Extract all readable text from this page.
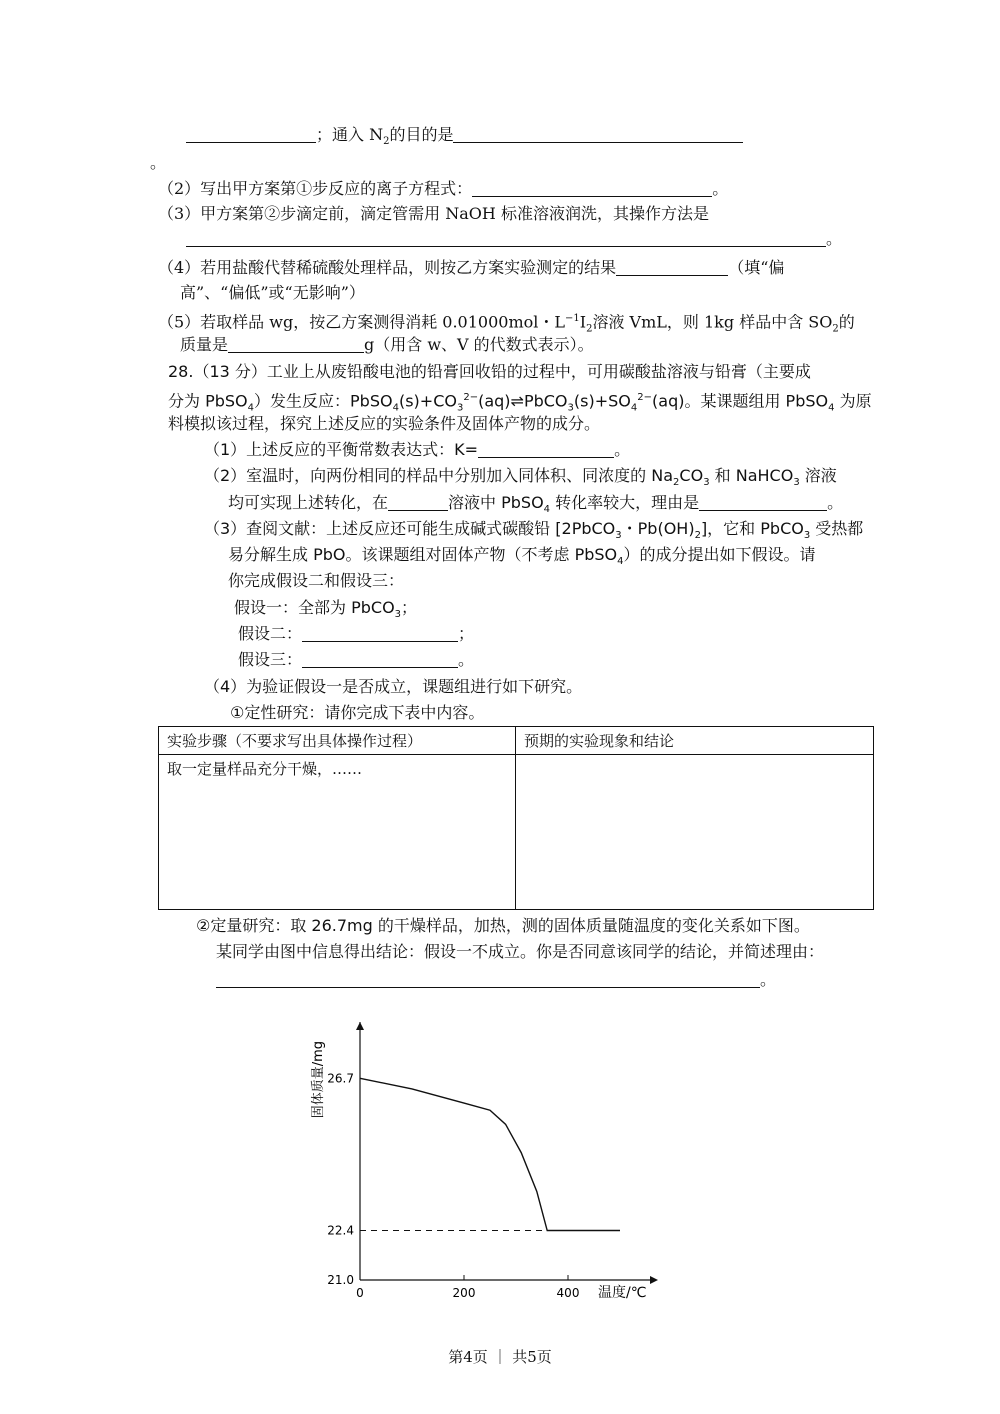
；通入 $N_2$的目的是
。
（2）写出甲方案第①步反应的离子方程式：	。
（3）甲方案第②步滴定前，滴定管需用 NaOH 标准溶液润洗，其操作方法是
。
（4）若用盐酸代替稀硫酸处理样品，则按乙方案实验测定的结果	（填“偏
高”、“偏低”或“无影响”）
（5）若取样品 wg，按乙方案测得消耗 0.01000mol・$L^{-1}I_2$溶液 VmL，则 1kg 样品中含 $SO_2$的
质量是	g（用含 w、V 的代数式表示）。
28.（13 分）工业上从废铅酸电池的铅膏回收铅的过程中，可用碳酸盐溶液与铅膏（主要成
分为 PbSO$_4$）发生反应：$PbSO_4(s)+CO_3^{2-}(aq)\rightleftharpoons PbCO_3(s)+SO_4^{2-}(aq)$。某课题组用 PbSO$_4$ 为原
料模拟该过程，探究上述反应的实验条件及固体产物的成分。
（1）上述反应的平衡常数表达式：K=	。
（2）室温时，向两份相同的样品中分别加入同体积、同浓度的 $Na_2CO_3$ 和 NaHCO$_3$ 溶液
均可实现上述转化，在	溶液中 PbSO$_4$ 转化率较大，理由是	。
（3）查阅文献：上述反应还可能生成碱式碳酸铅 [2PbCO$_3$・$Pb(OH)_2$]，它和 PbCO$_3$ 受热都
易分解生成 PbO。该课题组对固体产物（不考虑 PbSO$_4$）的成分提出如下假设。请
你完成假设二和假设三：
假设一：全部为 PbCO$_3$；
假设二：	；
假设三：	。
（4）为验证假设一是否成立，课题组进行如下研究。
①定性研究：请你完成下表中内容。
实验步骤（不要求写出具体操作过程）	预期的实验现象和结论
取一定量样品充分干燥，……	
②定量研究：取 26.7mg 的干燥样品，加热，测的固体质量随温度的变化关系如下图。
某同学由图中信息得出结论：假设一不成立。你是否同意该同学的结论，并简述理由：
。
0	200	400
21.0
22.4
26.7
温度/℃
固体质量/mg
第4页 ｜ 共5页
